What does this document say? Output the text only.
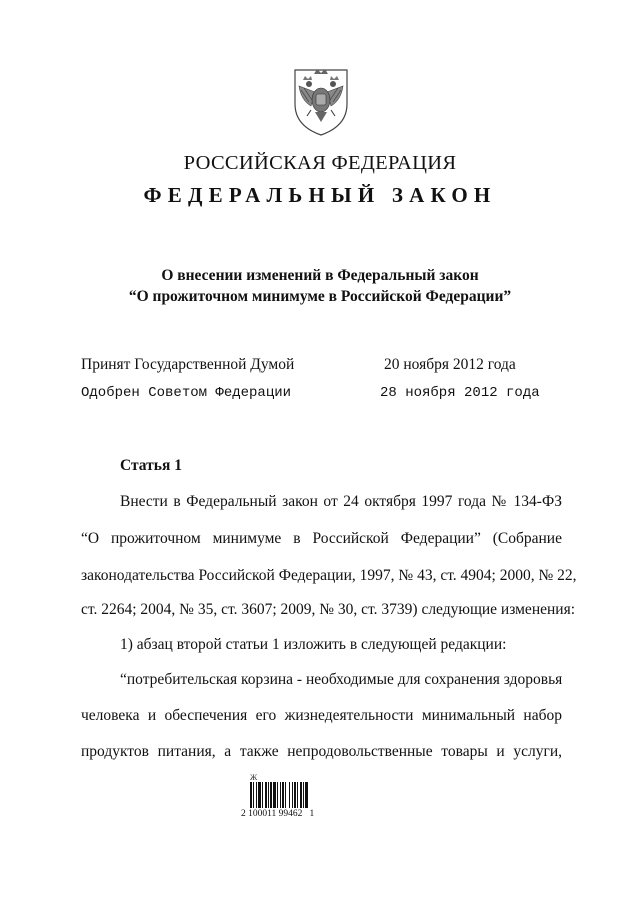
РОССИЙСКАЯ ФЕДЕРАЦИЯ
ФЕДЕРАЛЬНЫЙ ЗАКОН
О внесении изменений в Федеральный закон
“О прожиточном минимуме в Российской Федерации”
Принят Государственной Думой	20 ноября 2012 года
Одобрен Советом Федерации	28 ноября 2012 года
Статья 1
Внести в Федеральный закон от 24 октября 1997 года № 134-ФЗ
“О прожиточном минимуме в Российской Федерации” (Собрание
законодательства Российской Федерации, 1997, № 43, ст. 4904; 2000, № 22,
ст. 2264; 2004, № 35, ст. 3607; 2009, № 30, ст. 3739) следующие изменения:
1) абзац второй статьи 1 изложить в следующей редакции:
“потребительская корзина - необходимые для сохранения здоровья
человека и обеспечения его жизнедеятельности минимальный набор
продуктов питания, а также непродовольственные товары и услуги,
Ж
2 100011 99462   1
